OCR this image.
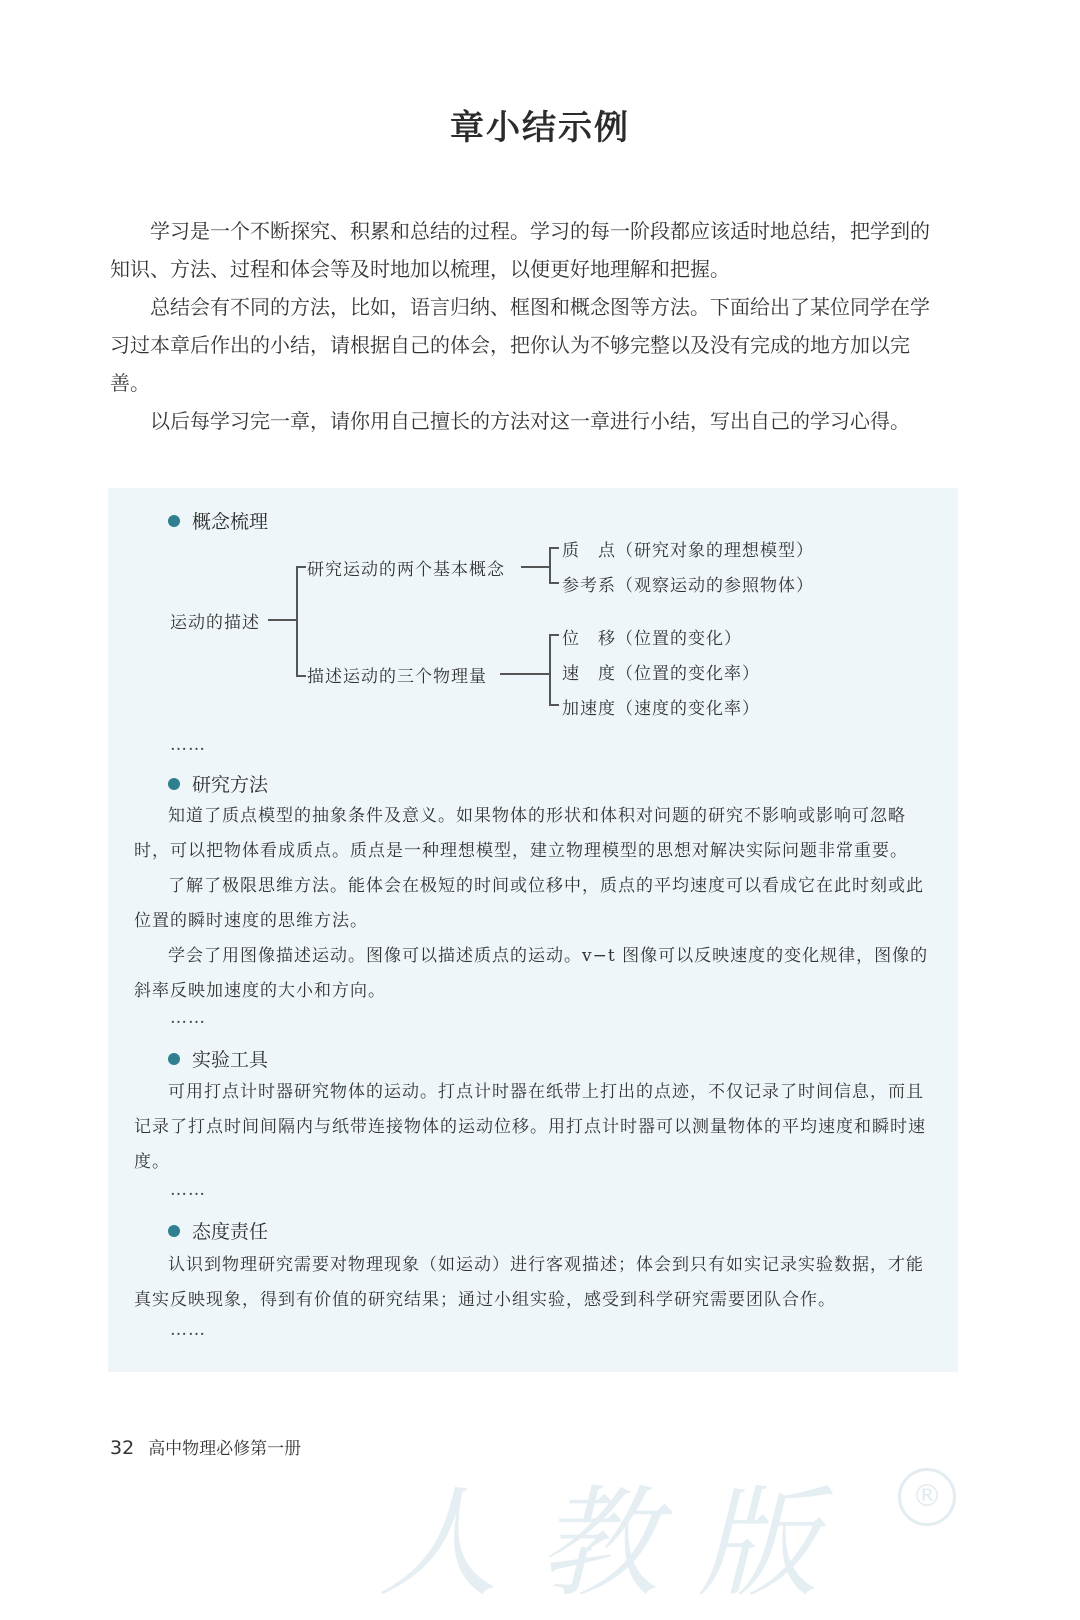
章小结示例

学习是一个不断探究、积累和总结的过程。学习的每一阶段都应该适时地总结，把学到的知识、方法、过程和体会等及时地加以梳理，以便更好地理解和把握。

总结会有不同的方法，比如，语言归纳、框图和概念图等方法。下面给出了某位同学在学习过本章后作出的小结，请根据自己的体会，把你认为不够完整以及没有完成的地方加以完善。

以后每学习完一章，请你用自己擅长的方法对这一章进行小结，写出自己的学习心得。

人教版	®
概念梳理
运动的描述
研究运动的两个基本概念
质　点（研究对象的理想模型）
参考系（观察运动的参照物体）
描述运动的三个物理量
位　移（位置的变化）
速　度（位置的变化率）
加速度（速度的变化率）
……
研究方法

知道了质点模型的抽象条件及意义。如果物体的形状和体积对问题的研究不影响或影响可忽略时，可以把物体看成质点。质点是一种理想模型，建立物理模型的思想对解决实际问题非常重要。

了解了极限思维方法。能体会在极短的时间或位移中，质点的平均速度可以看成它在此时刻或此位置的瞬时速度的思维方法。

学会了用图像描述运动。图像可以描述质点的运动。v−t 图像可以反映速度的变化规律，图像的斜率反映加速度的大小和方向。

……
实验工具

可用打点计时器研究物体的运动。打点计时器在纸带上打出的点迹，不仅记录了时间信息，而且记录了打点时间间隔内与纸带连接物体的运动位移。用打点计时器可以测量物体的平均速度和瞬时速度。

……
态度责任

认识到物理研究需要对物理现象（如运动）进行客观描述；体会到只有如实记录实验数据，才能真实反映现象，得到有价值的研究结果；通过小组实验，感受到科学研究需要团队合作。

……
32 高中物理必修第一册
